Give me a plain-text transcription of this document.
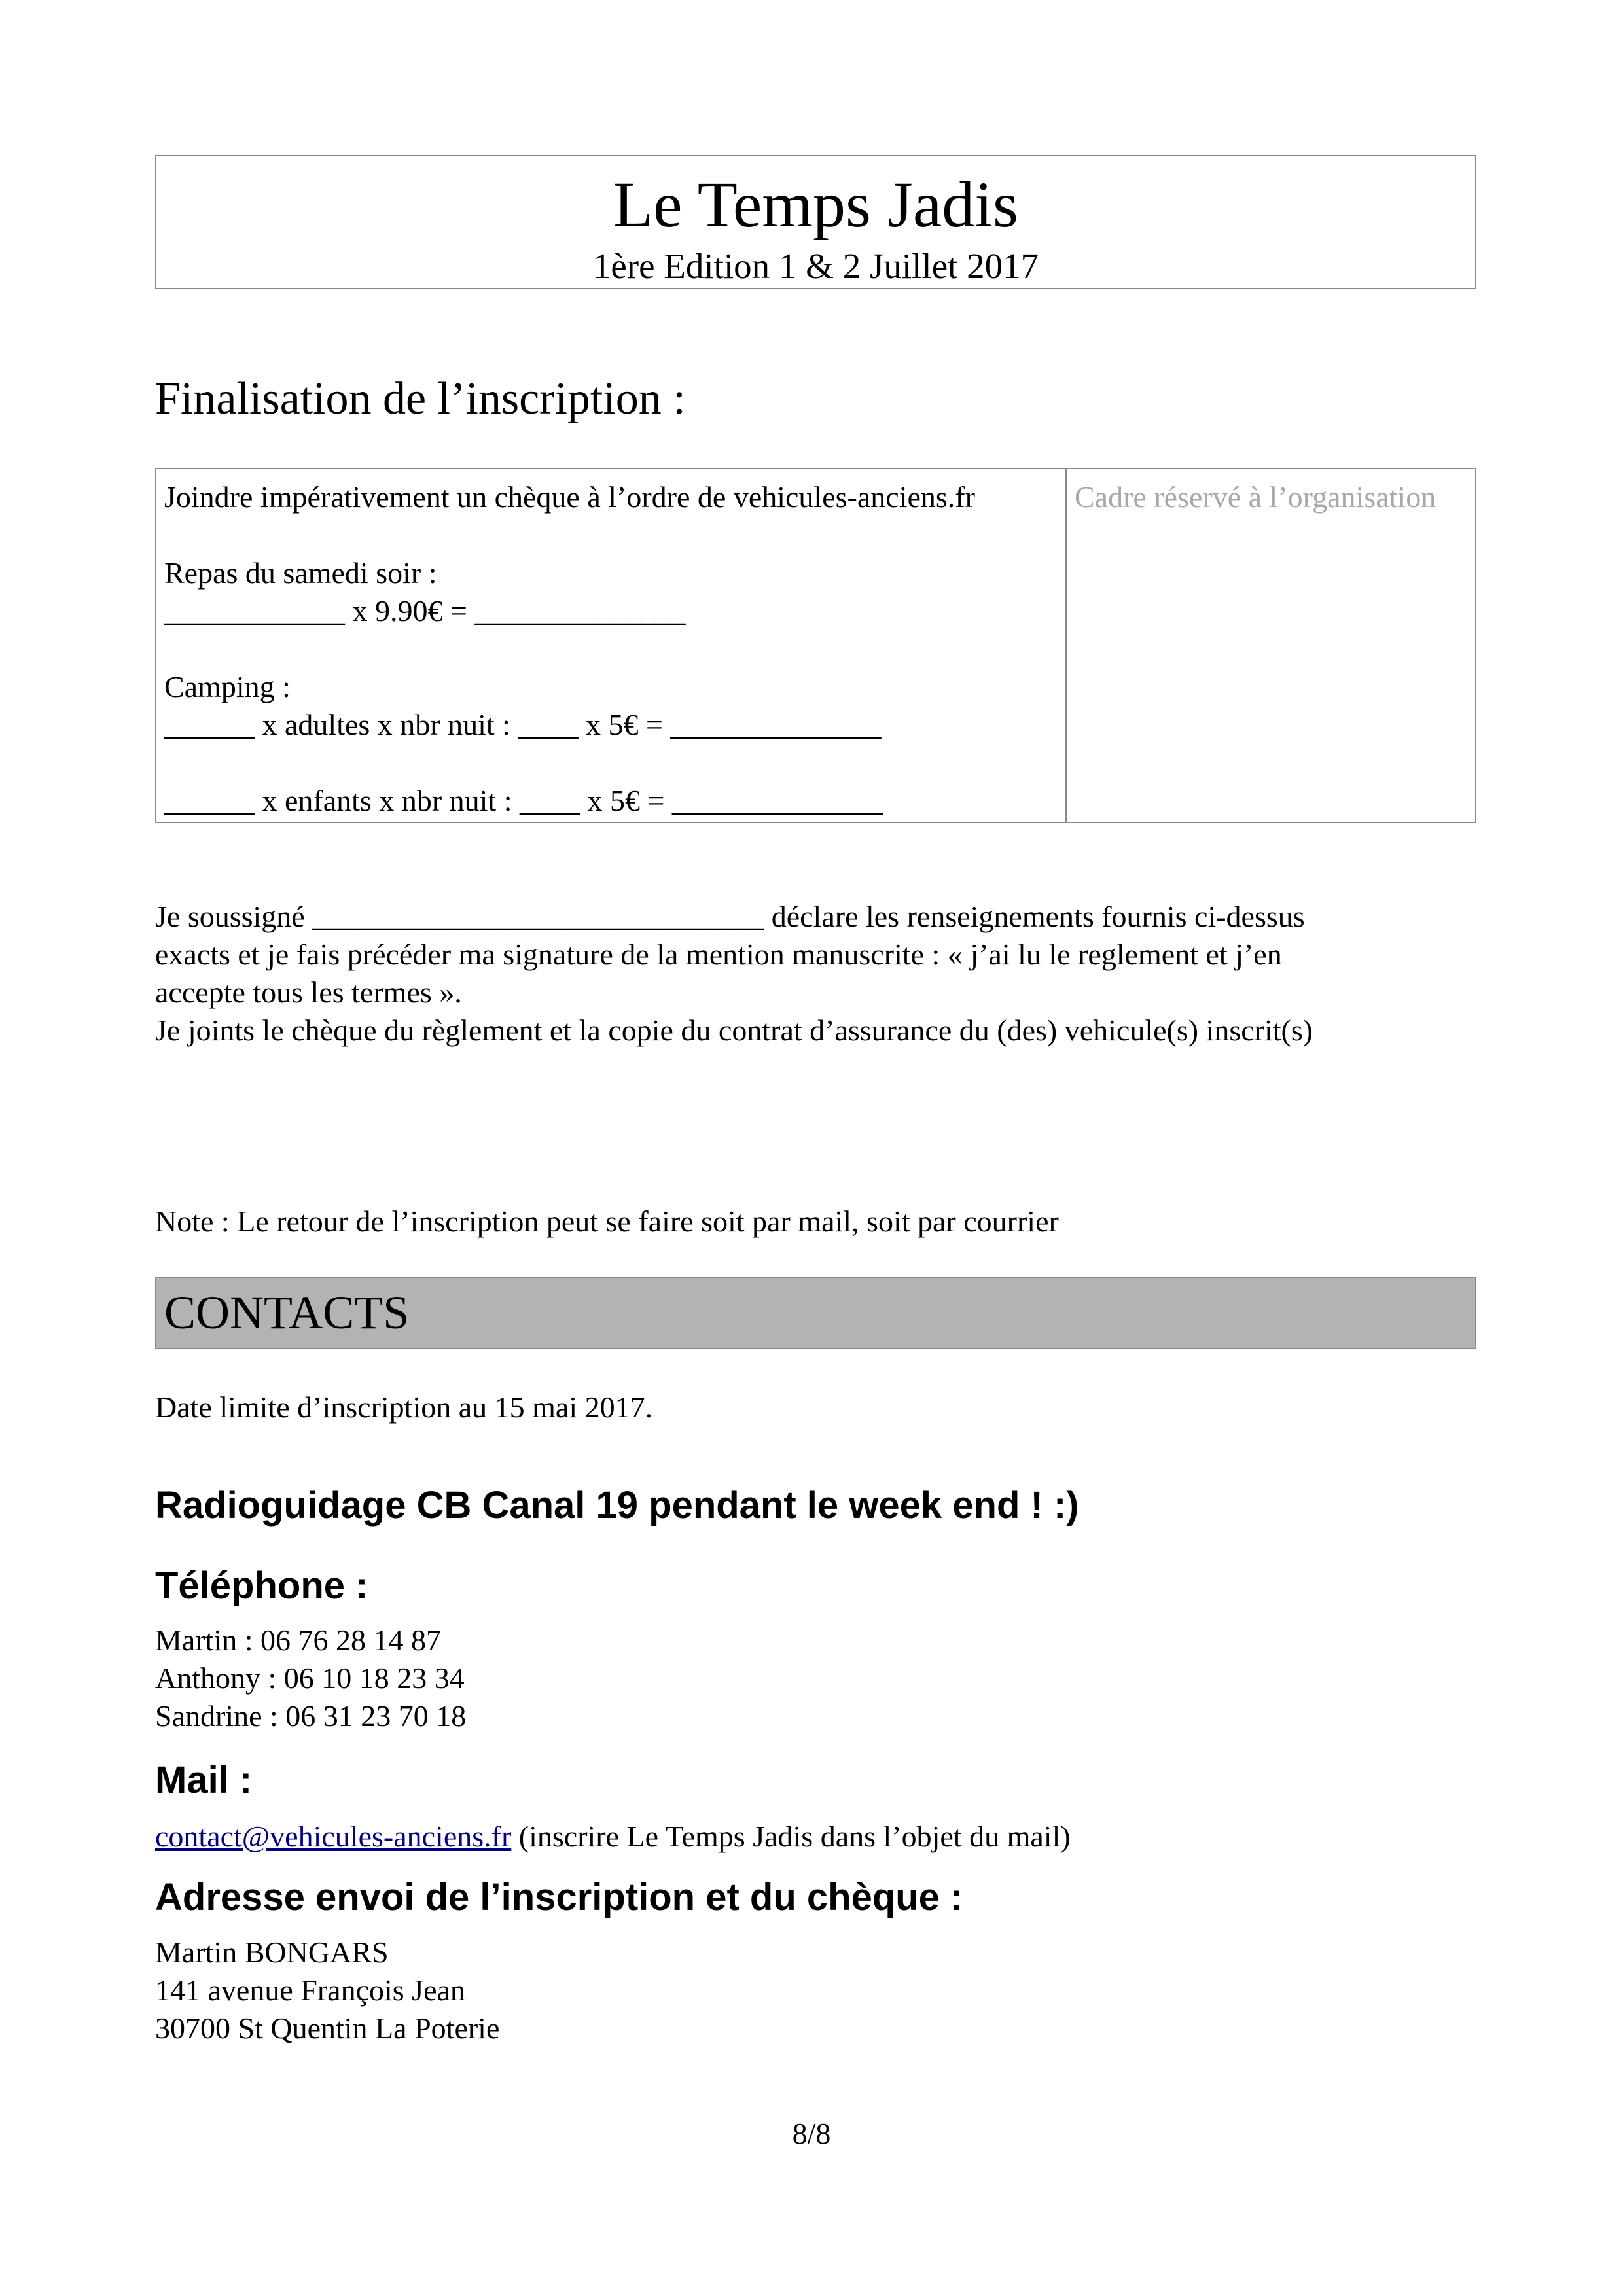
Le Temps Jadis
1ère Edition 1 & 2 Juillet 2017
Finalisation de l’inscription :
Joindre impérativement un chèque à l’ordre de vehicules-anciens.fr
Repas du samedi soir :
____________ x 9.90€ = ______________
Camping :
______ x adultes x nbr nuit : ____ x 5€ = ______________
______ x enfants x nbr nuit : ____ x 5€ = ______________
Cadre réservé à l’organisation
Je soussigné ______________________________ déclare les renseignements fournis ci-dessus
exacts et je fais précéder ma signature de la mention manuscrite : « j’ai lu le reglement et j’en
accepte tous les termes ».
Je joints le chèque du règlement et la copie du contrat d’assurance du (des) vehicule(s) inscrit(s)
Note : Le retour de l’inscription peut se faire soit par mail, soit par courrier
CONTACTS
Date limite d’inscription au 15 mai 2017.
Radioguidage CB Canal 19 pendant le week end ! :)
Téléphone :
Martin : 06 76 28 14 87
Anthony : 06 10 18 23 34
Sandrine : 06 31 23 70 18
Mail :
contact@vehicules-anciens.fr (inscrire Le Temps Jadis dans l’objet du mail)
Adresse envoi de l’inscription et du chèque :
Martin BONGARS
141 avenue François Jean
30700 St Quentin La Poterie
8/8
